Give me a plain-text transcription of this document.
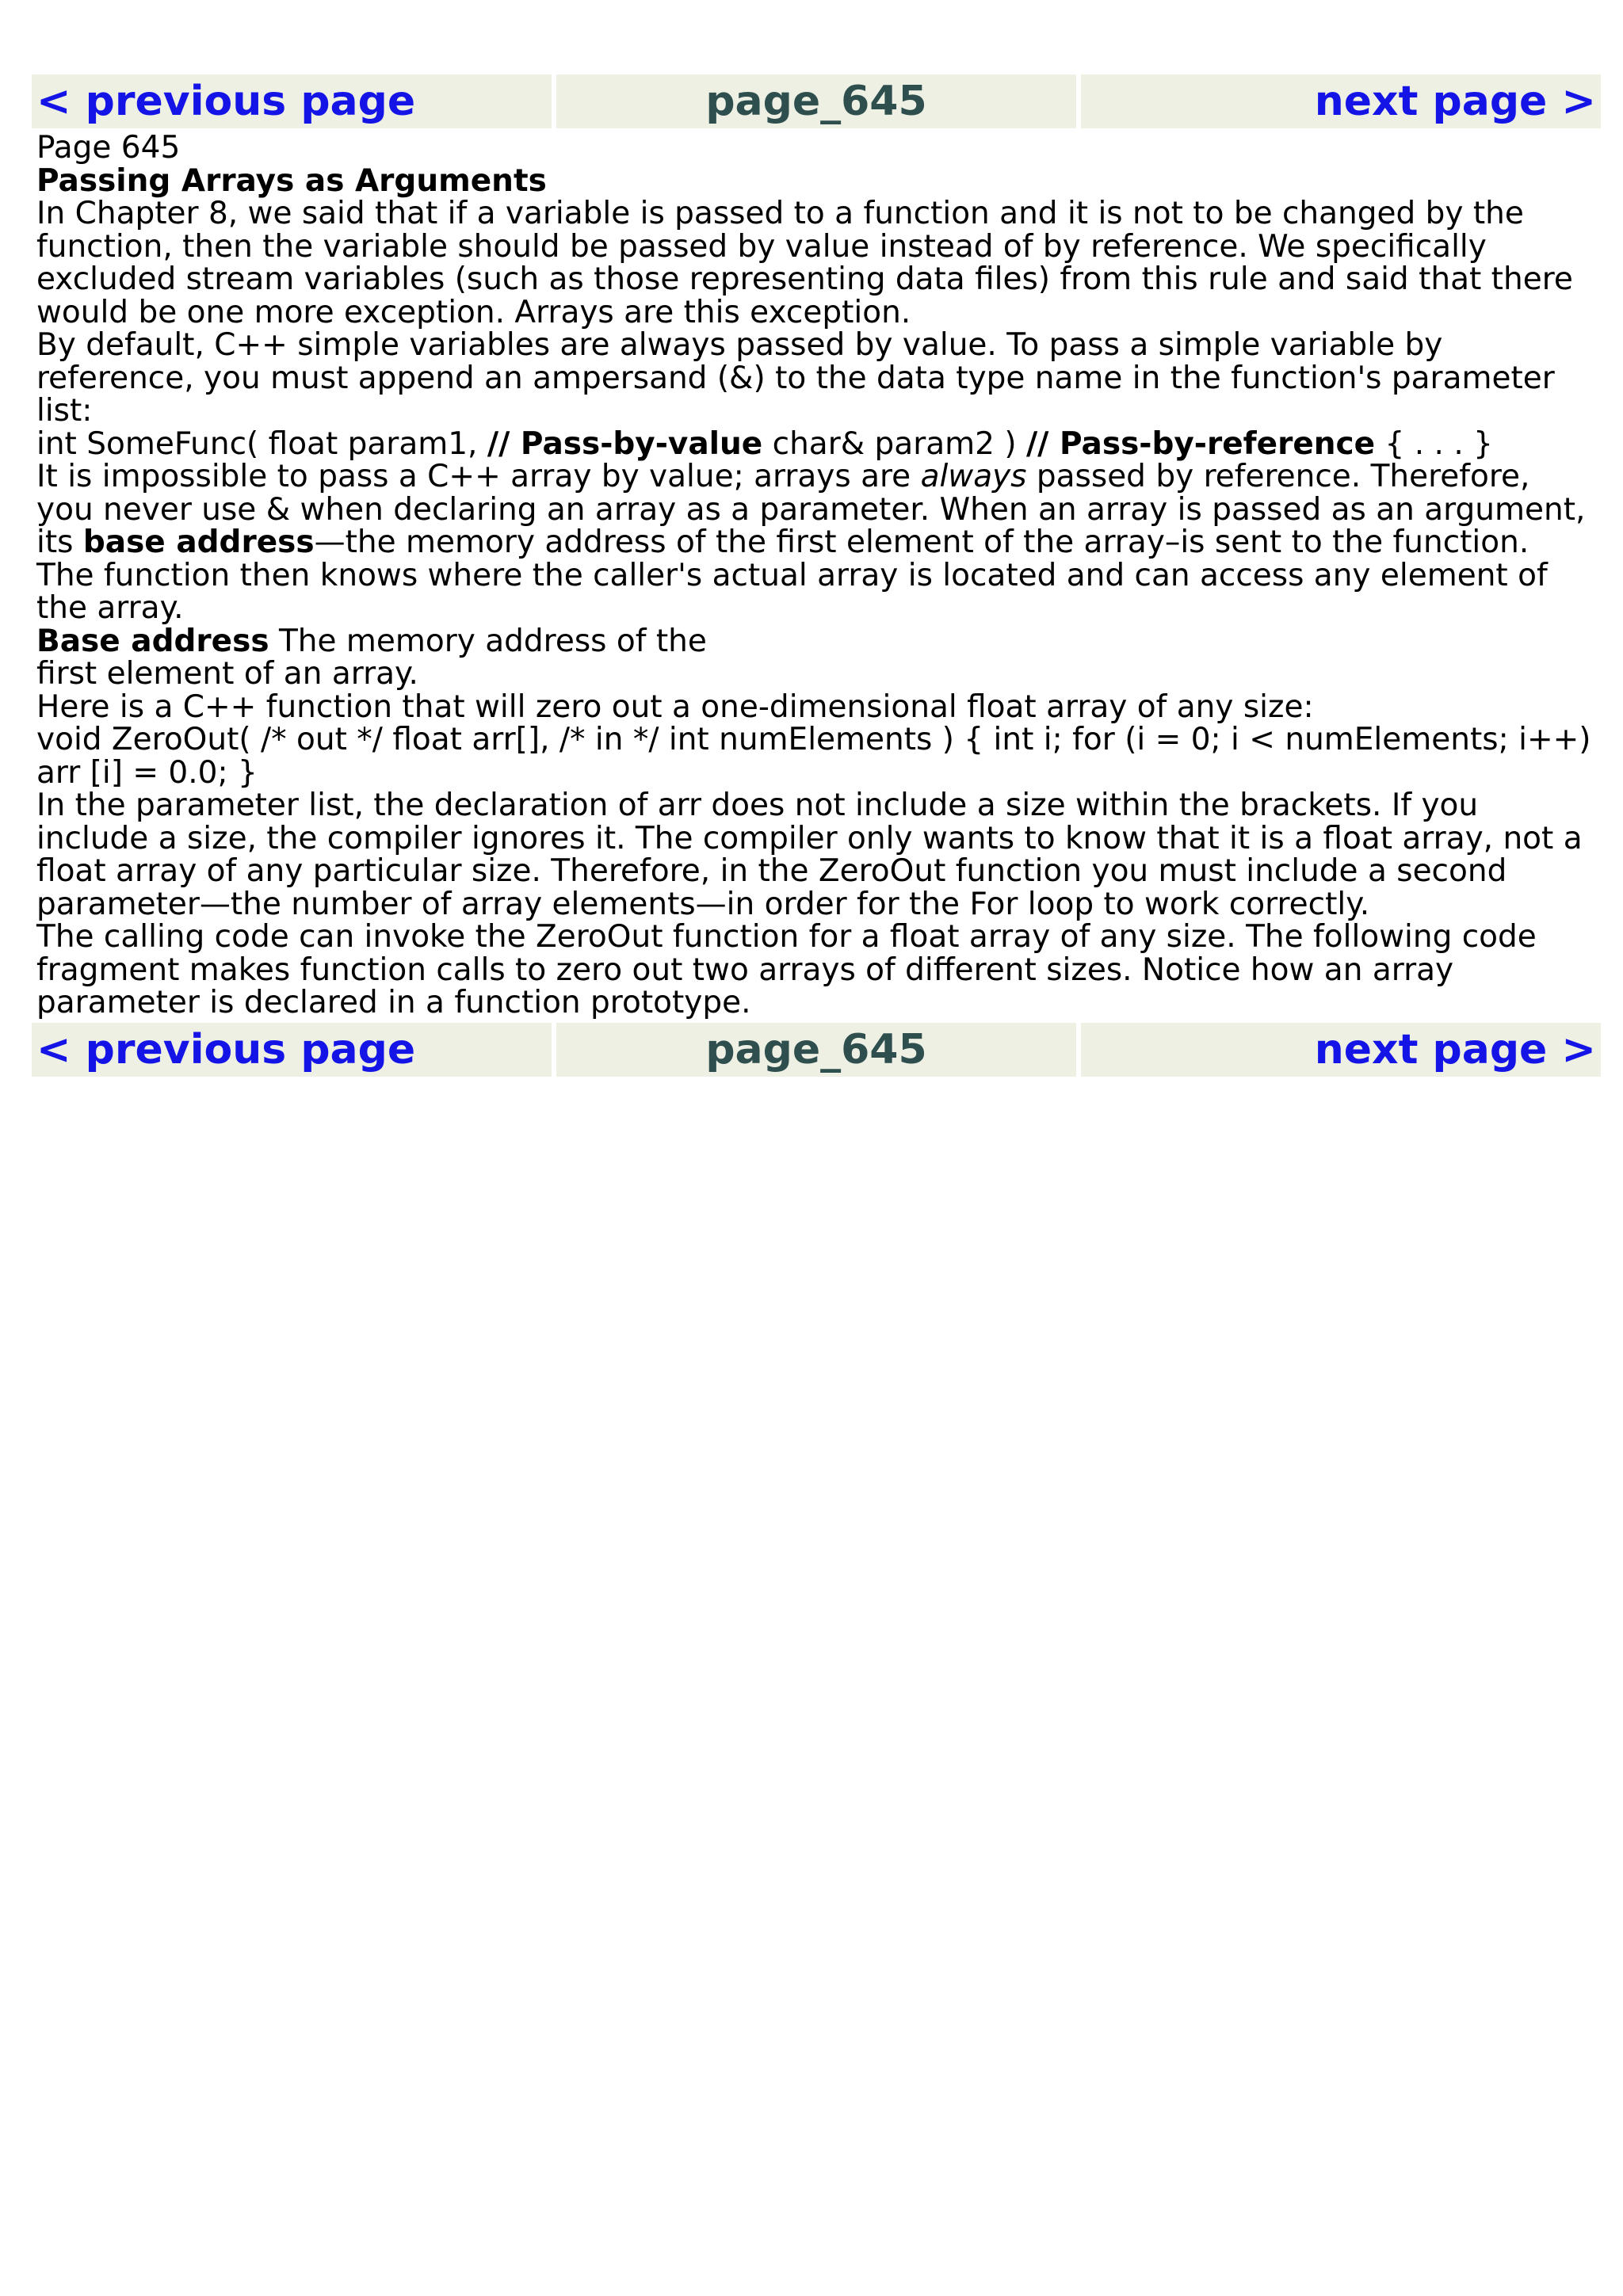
< previous page	page_645	next page >

Page 645

Passing Arrays as Arguments

In Chapter 8, we said that if a variable is passed to a function and it is not to be changed by the function, then the variable should be passed by value instead of by reference. We specifically excluded stream variables (such as those representing data files) from this rule and said that there would be one more exception. Arrays are this exception.

By default, C++ simple variables are always passed by value. To pass a simple variable by reference, you must append an ampersand (&) to the data type name in the function's parameter list:

int SomeFunc( float param1, // Pass-by-value char& param2 ) // Pass-by-reference { . . . }

It is impossible to pass a C++ array by value; arrays are always passed by reference. Therefore, you never use & when declaring an array as a parameter. When an array is passed as an argument, its base address—the memory address of the first element of the array–is sent to the function. The function then knows where the caller's actual array is located and can access any element of the array.

Base address The memory address of the first element of an array.

Here is a C++ function that will zero out a one-dimensional float array of any size:

void ZeroOut( /* out */ float arr[], /* in */ int numElements ) { int i; for (i = 0; i < numElements; i++) arr [i] = 0.0; }

In the parameter list, the declaration of arr does not include a size within the brackets. If you include a size, the compiler ignores it. The compiler only wants to know that it is a float array, not a float array of any particular size. Therefore, in the ZeroOut function you must include a second parameter—the number of array elements—in order for the For loop to work correctly.

The calling code can invoke the ZeroOut function for a float array of any size. The following code fragment makes function calls to zero out two arrays of different sizes. Notice how an array parameter is declared in a function prototype.

< previous page	page_645	next page >
